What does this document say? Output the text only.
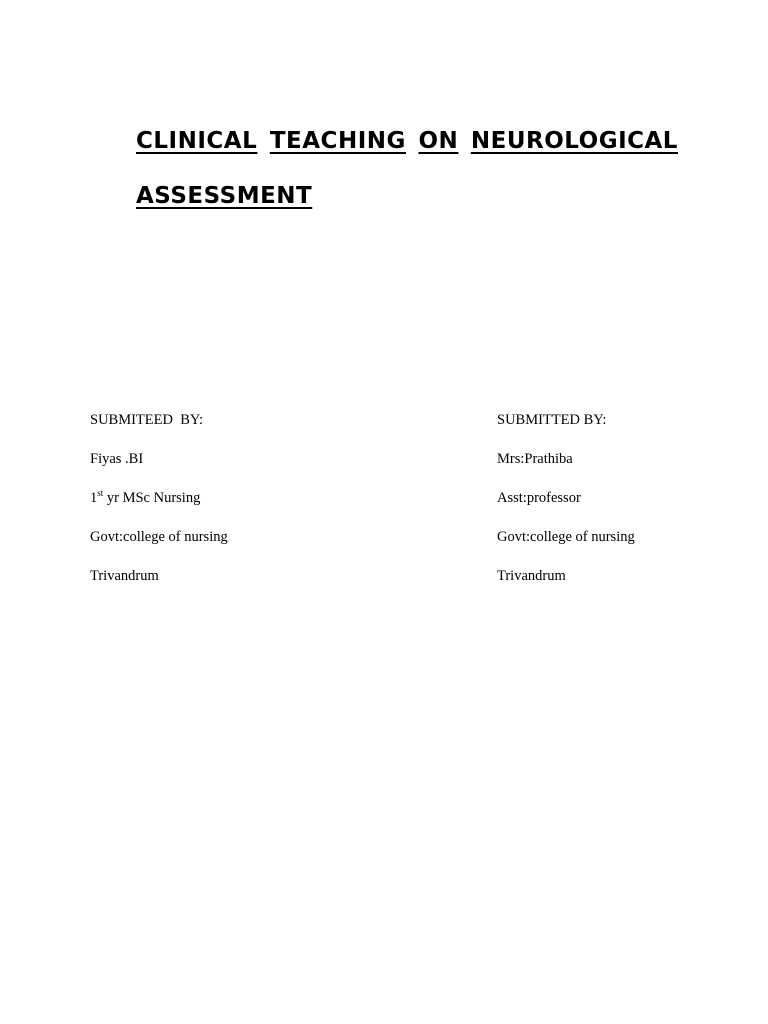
CLINICAL TEACHING ON NEUROLOGICAL
ASSESSMENT
SUBMITEED  BY:
Fiyas .BI
1st yr MSc Nursing
Govt:college of nursing
Trivandrum
SUBMITTED BY:
Mrs:Prathiba
Asst:professor
Govt:college of nursing
Trivandrum
